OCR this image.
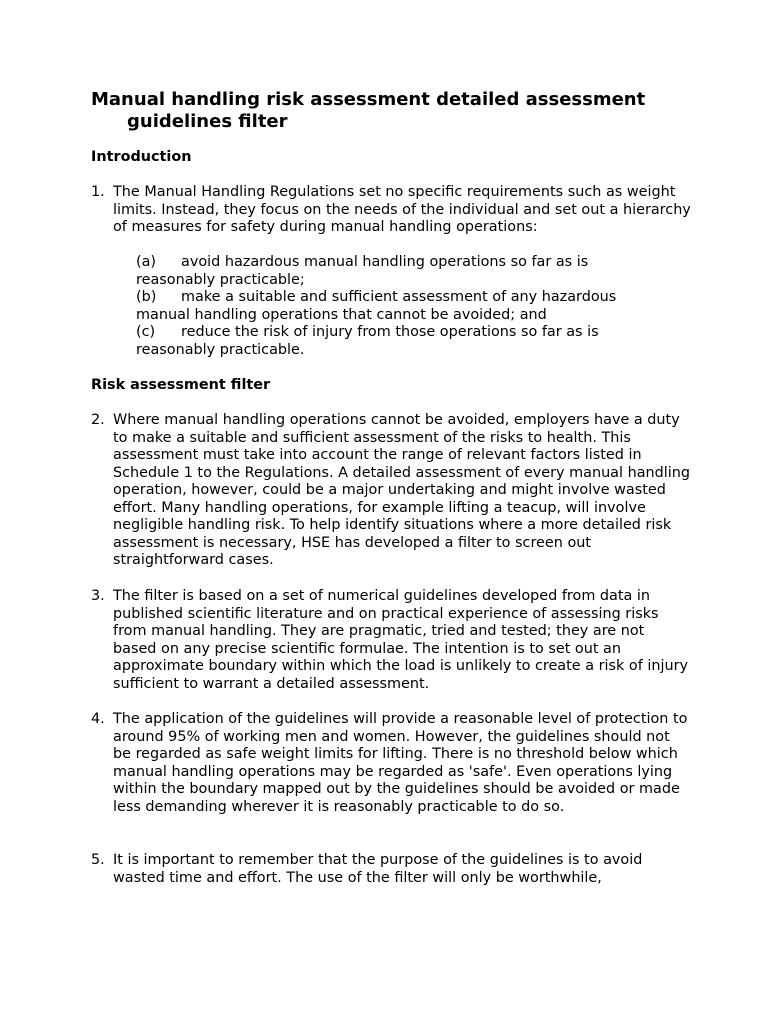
Manual handling risk assessment detailed assessment guidelines filter
Introduction
1. The Manual Handling Regulations set no specific requirements such as weight limits. Instead, they focus on the needs of the individual and set out a hierarchy of measures for safety during manual handling operations:
(a) avoid hazardous manual handling operations so far as is reasonably practicable;
(b) make a suitable and sufficient assessment of any hazardous manual handling operations that cannot be avoided; and
(c) reduce the risk of injury from those operations so far as is reasonably practicable.
Risk assessment filter
2. Where manual handling operations cannot be avoided, employers have a duty to make a suitable and sufficient assessment of the risks to health. This assessment must take into account the range of relevant factors listed in Schedule 1 to the Regulations. A detailed assessment of every manual handling operation, however, could be a major undertaking and might involve wasted effort. Many handling operations, for example lifting a teacup, will involve negligible handling risk. To help identify situations where a more detailed risk assessment is necessary, HSE has developed a filter to screen out straightforward cases.
3. The filter is based on a set of numerical guidelines developed from data in published scientific literature and on practical experience of assessing risks from manual handling. They are pragmatic, tried and tested; they are not based on any precise scientific formulae. The intention is to set out an approximate boundary within which the load is unlikely to create a risk of injury sufficient to warrant a detailed assessment.
4. The application of the guidelines will provide a reasonable level of protection to around 95% of working men and women. However, the guidelines should not be regarded as safe weight limits for lifting. There is no threshold below which manual handling operations may be regarded as 'safe'. Even operations lying within the boundary mapped out by the guidelines should be avoided or made less demanding wherever it is reasonably practicable to do so.
5. It is important to remember that the purpose of the guidelines is to avoid wasted time and effort. The use of the filter will only be worthwhile,
